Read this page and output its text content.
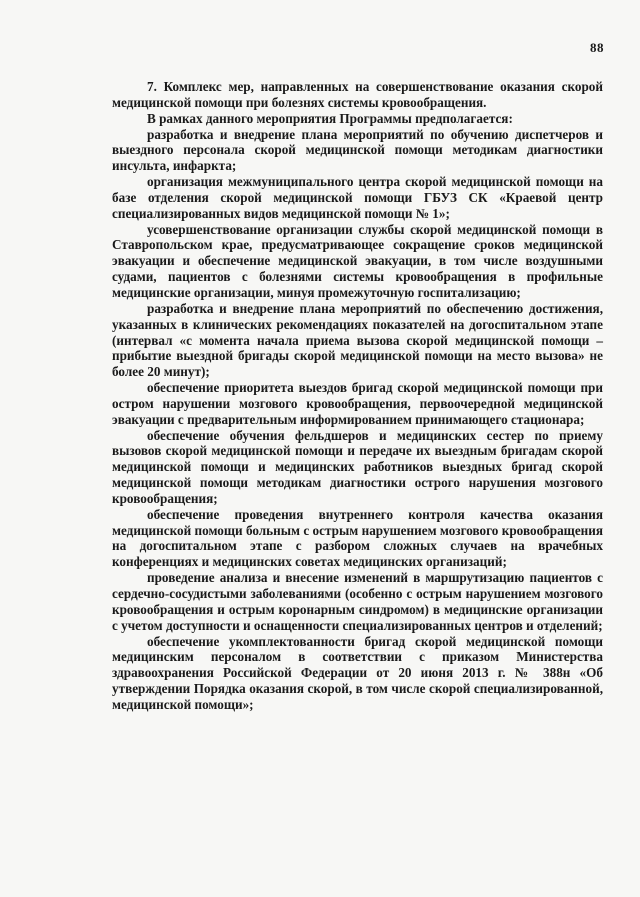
88

7. Комплекс мер, направленных на совершенствование оказания скорой медицинской помощи при болезнях системы кровообращения.

В рамках данного мероприятия Программы предполагается:

разработка и внедрение плана мероприятий по обучению диспетчеров и выездного персонала скорой медицинской помощи методикам диагностики инсульта, инфаркта;

организация межмуниципального центра скорой медицинской помощи на базе отделения скорой медицинской помощи ГБУЗ СК «Краевой центр специализированных видов медицинской помощи № 1»;

усовершенствование организации службы скорой медицинской помощи в Ставропольском крае, предусматривающее сокращение сроков медицинской эвакуации и обеспечение медицинской эвакуации, в том числе воздушными судами, пациентов с болезнями системы кровообращения в профильные медицинские организации, минуя промежуточную госпитализацию;

разработка и внедрение плана мероприятий по обеспечению достижения, указанных в клинических рекомендациях показателей на догоспитальном этапе (интервал «с момента начала приема вызова скорой медицинской помощи – прибытие выездной бригады скорой медицинской помощи на место вызова» не более 20 минут);

обеспечение приоритета выездов бригад скорой медицинской помощи при остром нарушении мозгового кровообращения, первоочередной медицинской эвакуации с предварительным информированием принимающего стационара;

обеспечение обучения фельдшеров и медицинских сестер по приему вызовов скорой медицинской помощи и передаче их выездным бригадам скорой медицинской помощи и медицинских работников выездных бригад скорой медицинской помощи методикам диагностики острого нарушения мозгового кровообращения;

обеспечение проведения внутреннего контроля качества оказания медицинской помощи больным с острым нарушением мозгового кровообращения на догоспитальном этапе с разбором сложных случаев на врачебных конференциях и медицинских советах медицинских организаций;

проведение анализа и внесение изменений в маршрутизацию пациентов с сердечно-сосудистыми заболеваниями (особенно с острым нарушением мозгового кровообращения и острым коронарным синдромом) в медицинские организации с учетом доступности и оснащенности специализированных центров и отделений;

обеспечение укомплектованности бригад скорой медицинской помощи медицинским персоналом в соответствии с приказом Министерства здравоохранения Российской Федерации от 20 июня 2013 г. № 388н «Об утверждении Порядка оказания скорой, в том числе скорой специализированной, медицинской помощи»;
